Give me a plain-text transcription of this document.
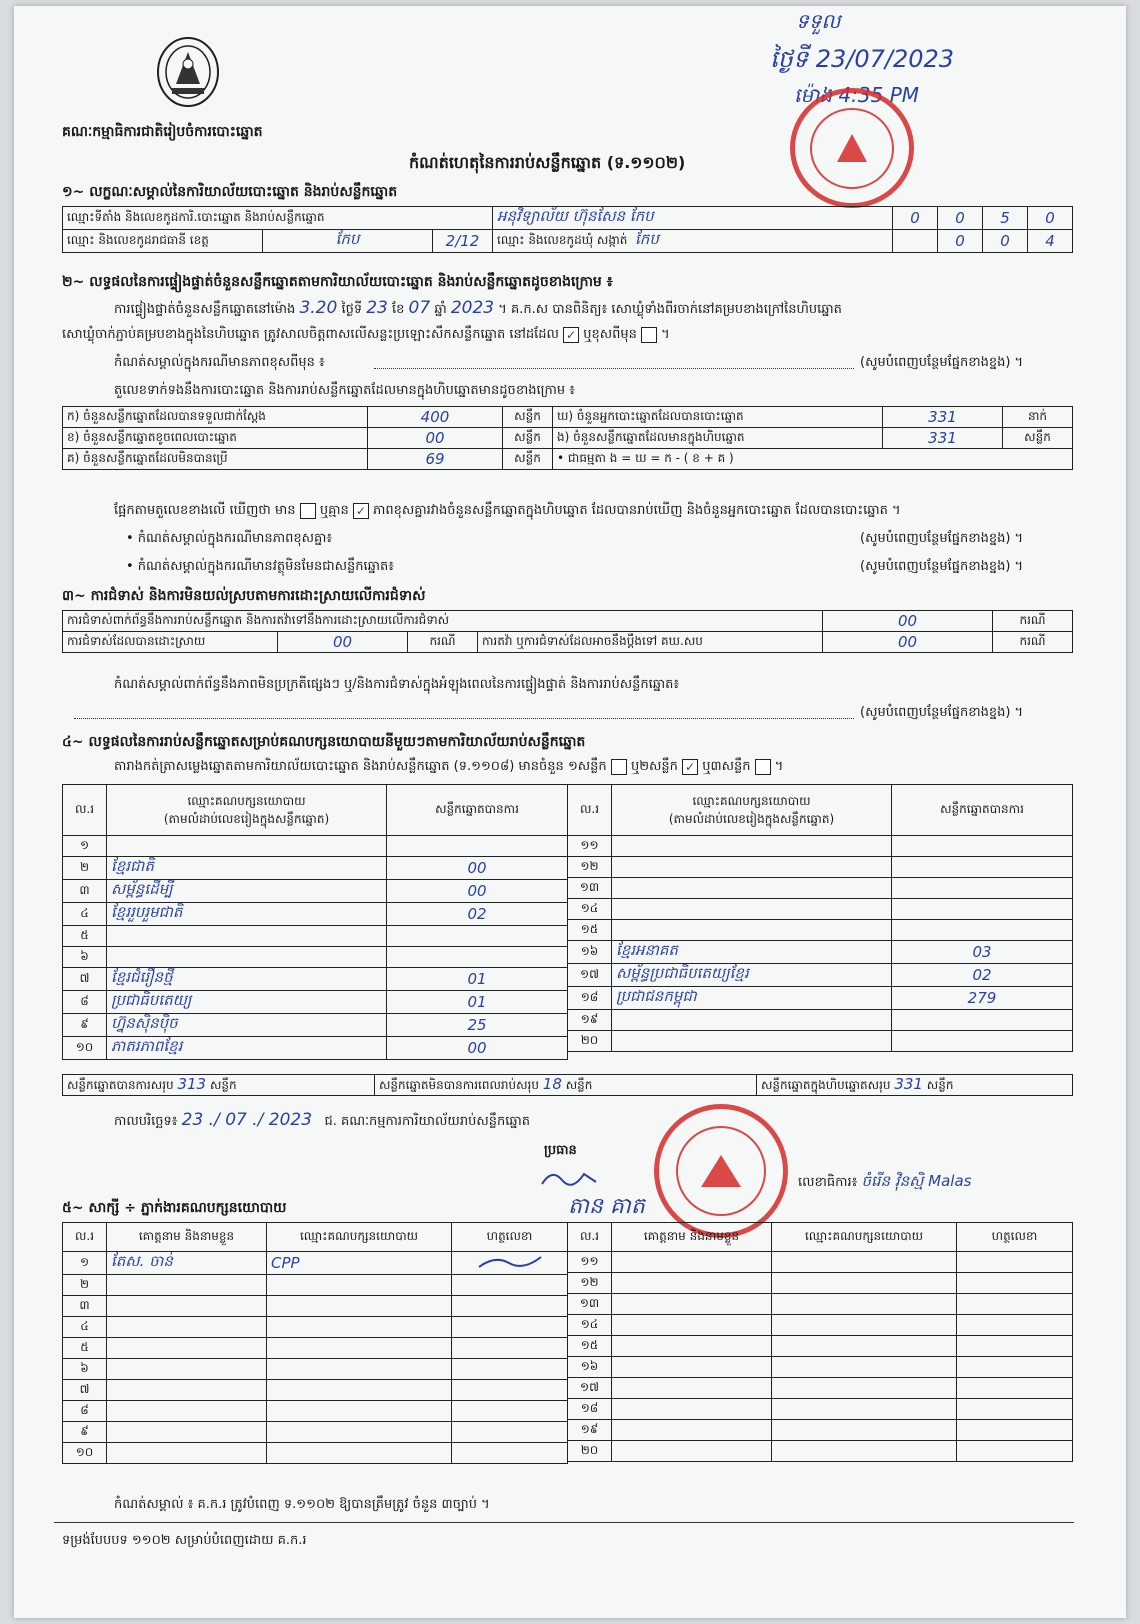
គណៈកម្មាធិការជាតិរៀបចំការបោះឆ្នោត
កំណត់ហេតុនៃការរាប់សន្លឹកឆ្នោត (ទ.១១០២)
ទទួល
ថ្ងៃទី 23/07/2023
ម៉ោង 4:35 PM
១~ លក្ខណៈសម្គាល់នៃការិយាល័យបោះឆ្នោត និងរាប់សន្លឹកឆ្នោត
ឈ្មោះទីតាំង និងលេខកូដការិ.បោះឆ្នោត និងរាប់សន្លឹកឆ្នោត			អនុវិទ្យាល័យ ហ៊ុនសែន កែប	0	0	5	0
ឈ្មោះ និងលេខកូដរាជធានី ខេត្ត	កែប	2/12	ឈ្មោះ និងលេខកូដឃុំ សង្កាត់ កែប		0	0	4
២~ លទ្ធផលនៃការផ្ទៀងផ្ទាត់ចំនួនសន្លឹកឆ្នោតតាមការិយាល័យបោះឆ្នោត និងរាប់សន្លឹកឆ្នោតដូចខាងក្រោម ៖
ការផ្ទៀងផ្ទាត់ចំនួនសន្លឹកឆ្នោតនៅម៉ោង 3.20 ថ្ងៃទី 23 ខែ 07 ឆ្នាំ 2023 ។ គ.ក.ស បានពិនិត្យ៖ សោឃ្លុំទាំងពីរចាក់នៅគម្របខាងក្រៅនៃហិបឆ្នោត
សោឃ្លុំចាក់ភ្ជាប់គម្របខាងក្នុងនៃហិបឆ្នោត ត្រូវសាលចិត្តពាសលើសន្លះប្រឡោះសឹកសន្លឹកឆ្នោត នៅដដែល ✓ ឬខុសពីមុន  ។
កំណត់សម្គាល់ក្នុងករណីមានភាពខុសពីមុន ៖	(សូមបំពេញបន្ថែមផ្នែកខាងខ្នង) ។
តួលេខទាក់ទងនឹងការបោះឆ្នោត និងការរាប់សន្លឹកឆ្នោតដែលមានក្នុងហិបឆ្នោតមានដូចខាងក្រោម ៖
ក) ចំនួនសន្លឹកឆ្នោតដែលបានទទួលជាក់ស្តែង	400	សន្លឹក	ឃ) ចំនួនអ្នកបោះឆ្នោតដែលបានបោះឆ្នោត	331	នាក់
ខ) ចំនួនសន្លឹកឆ្នោតខូចពេលបោះឆ្នោត	00	សន្លឹក	ង) ចំនួនសន្លឹកឆ្នោតដែលមានក្នុងហិបឆ្នោត	331	សន្លឹក
គ) ចំនួនសន្លឹកឆ្នោតដែលមិនបានប្រើ	69	សន្លឹក	• ជាធម្មតា ង = ឃ = ក - ( ខ + គ )		
ផ្អែកតាមតួលេខខាងលើ ឃើញថា មាន ឬគ្មាន ✓ ភាពខុសគ្នារវាងចំនួនសន្លឹកឆ្នោតក្នុងហិបឆ្នោត ដែលបានរាប់ឃើញ និងចំនួនអ្នកបោះឆ្នោត ដែលបានបោះឆ្នោត ។
• កំណត់សម្គាល់ក្នុងករណីមានភាពខុសគ្នា៖	(សូមបំពេញបន្ថែមផ្នែកខាងខ្នង) ។
• កំណត់សម្គាល់ក្នុងករណីមានវត្ថុមិនមែនជាសន្លឹកឆ្នោត៖	(សូមបំពេញបន្ថែមផ្នែកខាងខ្នង) ។
៣~ ការជំទាស់ និងការមិនយល់ស្របតាមការដោះស្រាយលើការជំទាស់
ការជំទាស់ពាក់ព័ន្ធនឹងការរាប់សន្លឹកឆ្នោត និងការតវ៉ាទៅនឹងការដោះស្រាយលើការជំទាស់				00	ករណី
ការជំទាស់ដែលបានដោះស្រាយ	00	ករណី	ការតវ៉ា ឬការជំទាស់ដែលអាចនឹងប្តឹងទៅ គឃ.សប	00	ករណី
កំណត់សម្គាល់ពាក់ព័ន្ធនឹងភាពមិនប្រក្រតីផ្សេងៗ ឬ/និងការជំទាស់ក្នុងអំឡុងពេលនៃការផ្ទៀងផ្ទាត់ និងការរាប់សន្លឹកឆ្នោត៖
(សូមបំពេញបន្ថែមផ្នែកខាងខ្នង) ។
៤~ លទ្ធផលនៃការរាប់សន្លឹកឆ្នោតសម្រាប់គណបក្សនយោបាយនីមួយៗតាមការិយាល័យរាប់សន្លឹកឆ្នោត
តារាងកត់ត្រាសម្លេងឆ្នោតតាមការិយាល័យបោះឆ្នោត និងរាប់សន្លឹកឆ្នោត (ទ.១១០៨) មានចំនួន ១សន្លឹក ឬ២សន្លឹក ✓ ឬ៣សន្លឹក  ។
ល.រ	ឈ្មោះគណបក្សនយោបាយ
(តាមលំដាប់លេខរៀងក្នុងសន្លឹកឆ្នោត)	សន្លឹកឆ្នោតបានការ
១		
២	ខ្មែរជាតិ	00
៣	សម្ព័ន្ធដើម្បី	00
៤	ខ្មែររួបរួមជាតិ	02
៥		
៦		
៧	ខ្មែរជំរឿនថ្មី	01
៨	ប្រជាធិបតេយ្យ	01
៩	ហ្វ៊ុនស៊ិនប៉ិច	25
១០	ភាតរភាពខ្មែរ	00
ល.រ	ឈ្មោះគណបក្សនយោបាយ
(តាមលំដាប់លេខរៀងក្នុងសន្លឹកឆ្នោត)	សន្លឹកឆ្នោតបានការ
១១		
១២		
១៣		
១៤		
១៥		
១៦	ខ្មែរអនាគត	03
១៧	សម្ព័ន្ធប្រជាធិបតេយ្យខ្មែរ	02
១៨	ប្រជាជនកម្ពុជា	279
១៩		
២០		
សន្លឹកឆ្នោតបានការសរុប 313 សន្លឹក	សន្លឹកឆ្នោតមិនបានការពេលរាប់សរុប 18 សន្លឹក	សន្លឹកឆ្នោតក្នុងហិបឆ្នោតសរុប 331 សន្លឹក
កាលបរិច្ឆេទ៖ 23 ./ 07 ./ 2023 ជ. គណៈកម្មការការិយាល័យរាប់សន្លឹកឆ្នោត
ប្រធាន
តាន គាត
លេខាធិការ៖ ចំរើន វ៉ិនស្មិ Malas
៥~ សាក្សី ÷ ភ្នាក់ងារគណបក្សនយោបាយ
ល.រ	គោត្តនាម និងនាមខ្លួន	ឈ្មោះគណបក្សនយោបាយ	ហត្ថលេខា
១	តែស. ចាន់	CPP	
២			
៣			
៤			
៥			
៦			
៧			
៨			
៩			
១០			
ល.រ	គោត្តនាម និងនាមខ្លួន	ឈ្មោះគណបក្សនយោបាយ	ហត្ថលេខា
១១			
១២			
១៣			
១៤			
១៥			
១៦			
១៧			
១៨			
១៩			
២០			
កំណត់សម្គាល់ ៖ គ.ក.រ ត្រូវបំពេញ ទ.១១០២ ឱ្យបានត្រឹមត្រូវ ចំនួន ៣ច្បាប់ ។
ទម្រង់បែបបទ ១១០២ សម្រាប់បំពេញដោយ គ.ក.រ
